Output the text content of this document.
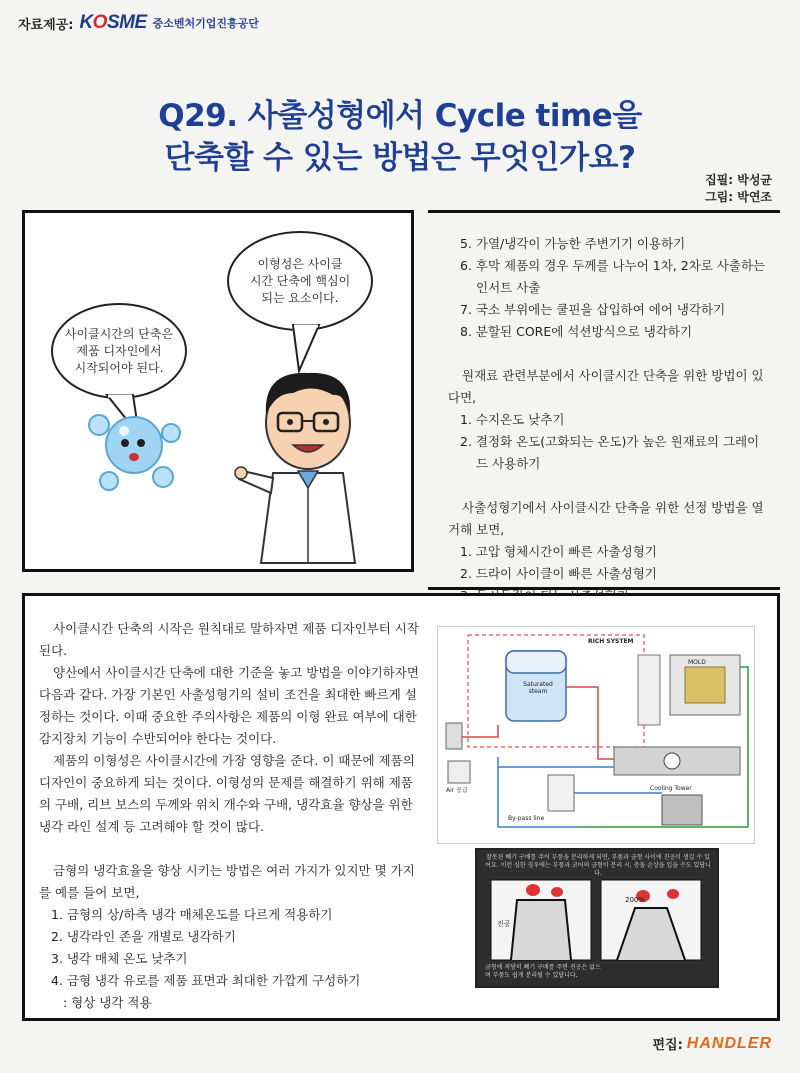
자료제공: KOSME 중소벤처기업진흥공단
Q29. 사출성형에서 Cycle time을
단축할 수 있는 방법은 무엇인가요?
집필: 박성균
그림: 박연조
사이클시간의 단축은
제품 디자인에서
시작되어야 된다.
이형성은 사이클
시간 단축에 핵심이
되는 요소이다.
5. 가열/냉각이 가능한 주변기기 이용하기
6. 후막 제품의 경우 두께를 나누어 1차, 2차로 사출하는 인서트 사출
7. 국소 부위에는 쿨핀을 삽입하여 에어 냉각하기
8. 분할된 CORE에 석션방식으로 냉각하기
원재료 관련부분에서 사이클시간 단축을 위한 방법이 있다면,
1. 수지온도 낮추기
2. 결정화 온도(고화되는 온도)가 높은 원재료의 그레이드 사용하기
사출성형기에서 사이클시간 단축을 위한 선정 방법을 열거해 보면,
1. 고압 형체시간이 빠른 사출성형기
2. 드라이 사이클이 빠른 사출성형기
사이클시간 단축의 시작은 원칙대로 말하자면 제품 디자인부터 시작된다.
양산에서 사이클시간 단축에 대한 기준을 놓고 방법을 이야기하자면 다음과 같다. 가장 기본인 사출성형기의 설비 조건을 최대한 빠르게 설정하는 것이다. 이때 중요한 주의사항은 제품의 이형 완료 여부에 대한 감지장치 기능이 수반되어야 한다는 것이다.
제품의 이형성은 사이클시간에 가장 영향을 준다. 이 때문에 제품의 디자인이 중요하게 되는 것이다. 이형성의 문제를 해결하기 위해 제품의 구배, 리브 보스의 두께와 위치 개수와 구배, 냉각효율 향상을 위한 냉각 라인 설계 등 고려해야 할 것이 많다.
금형의 냉각효율을 향상 시키는 방법은 여러 가지가 있지만 몇 가지를 예를 들어 보면,
1. 금형의 상/하측 냉각 매체온도를 다르게 적용하기
2. 냉각라인 존을 개별로 냉각하기
3. 냉각 매체 온도 낮추기
4. 금형 냉각 유로를 제품 표면과 최대한 가깝게 구성하기
: 형상 냉각 적용
RICH SYSTEM
MOLD
Saturated steam
Cooling Tower
By-pass line
Air 공급
잘못된 빼기 구배를 주어 부품을 분리하게 되면, 부품과 금형 사이에 진공이 생길 수 있어요. 이런 심한 경우에는 부품과 코어의 금형이 분리 시, 충돌 손상을 입을 수도 있답니다.
진공
200%
금형에 적당히 빼기 구배를 주면 진공은 없으며 부품도 쉽게 분리될 수 있답니다.
편집: HANDLER
